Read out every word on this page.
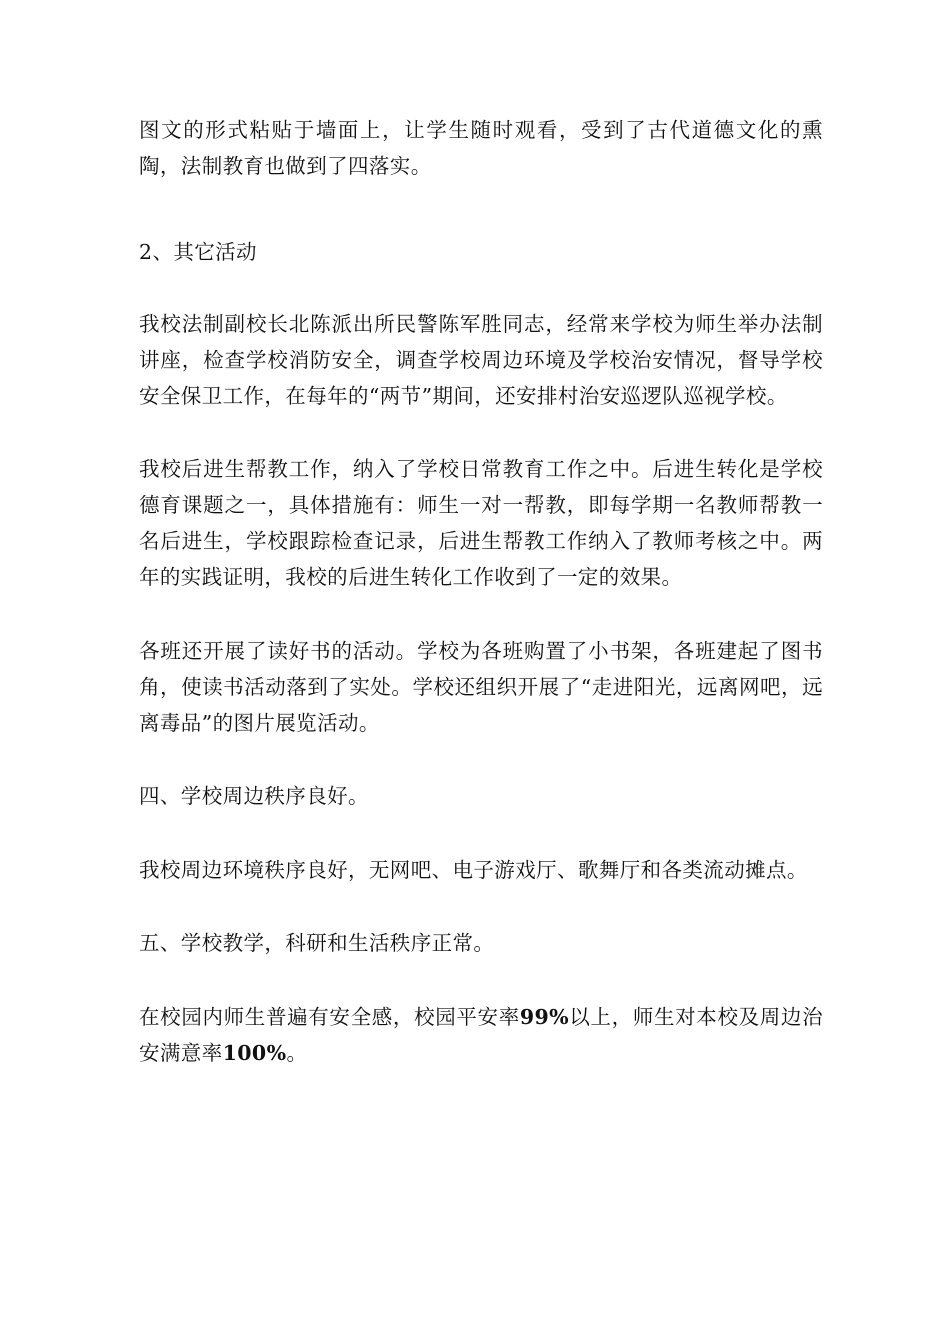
图文的形式粘贴于墙面上，让学生随时观看，受到了古代道德文化的熏陶，法制教育也做到了四落实。

2、其它活动

我校法制副校长北陈派出所民警陈军胜同志，经常来学校为师生举办法制讲座，检查学校消防安全，调查学校周边环境及学校治安情况，督导学校安全保卫工作，在每年的“两节”期间，还安排村治安巡逻队巡视学校。

我校后进生帮教工作，纳入了学校日常教育工作之中。后进生转化是学校德育课题之一，具体措施有：师生一对一帮教，即每学期一名教师帮教一名后进生，学校跟踪检查记录，后进生帮教工作纳入了教师考核之中。两年的实践证明，我校的后进生转化工作收到了一定的效果。

各班还开展了读好书的活动。学校为各班购置了小书架，各班建起了图书角，使读书活动落到了实处。学校还组织开展了“走进阳光，远离网吧，远离毒品”的图片展览活动。

四、学校周边秩序良好。

我校周边环境秩序良好，无网吧、电子游戏厅、歌舞厅和各类流动摊点。

五、学校教学，科研和生活秩序正常。

在校园内师生普遍有安全感，校园平安率99%以上，师生对本校及周边治安满意率100%。
